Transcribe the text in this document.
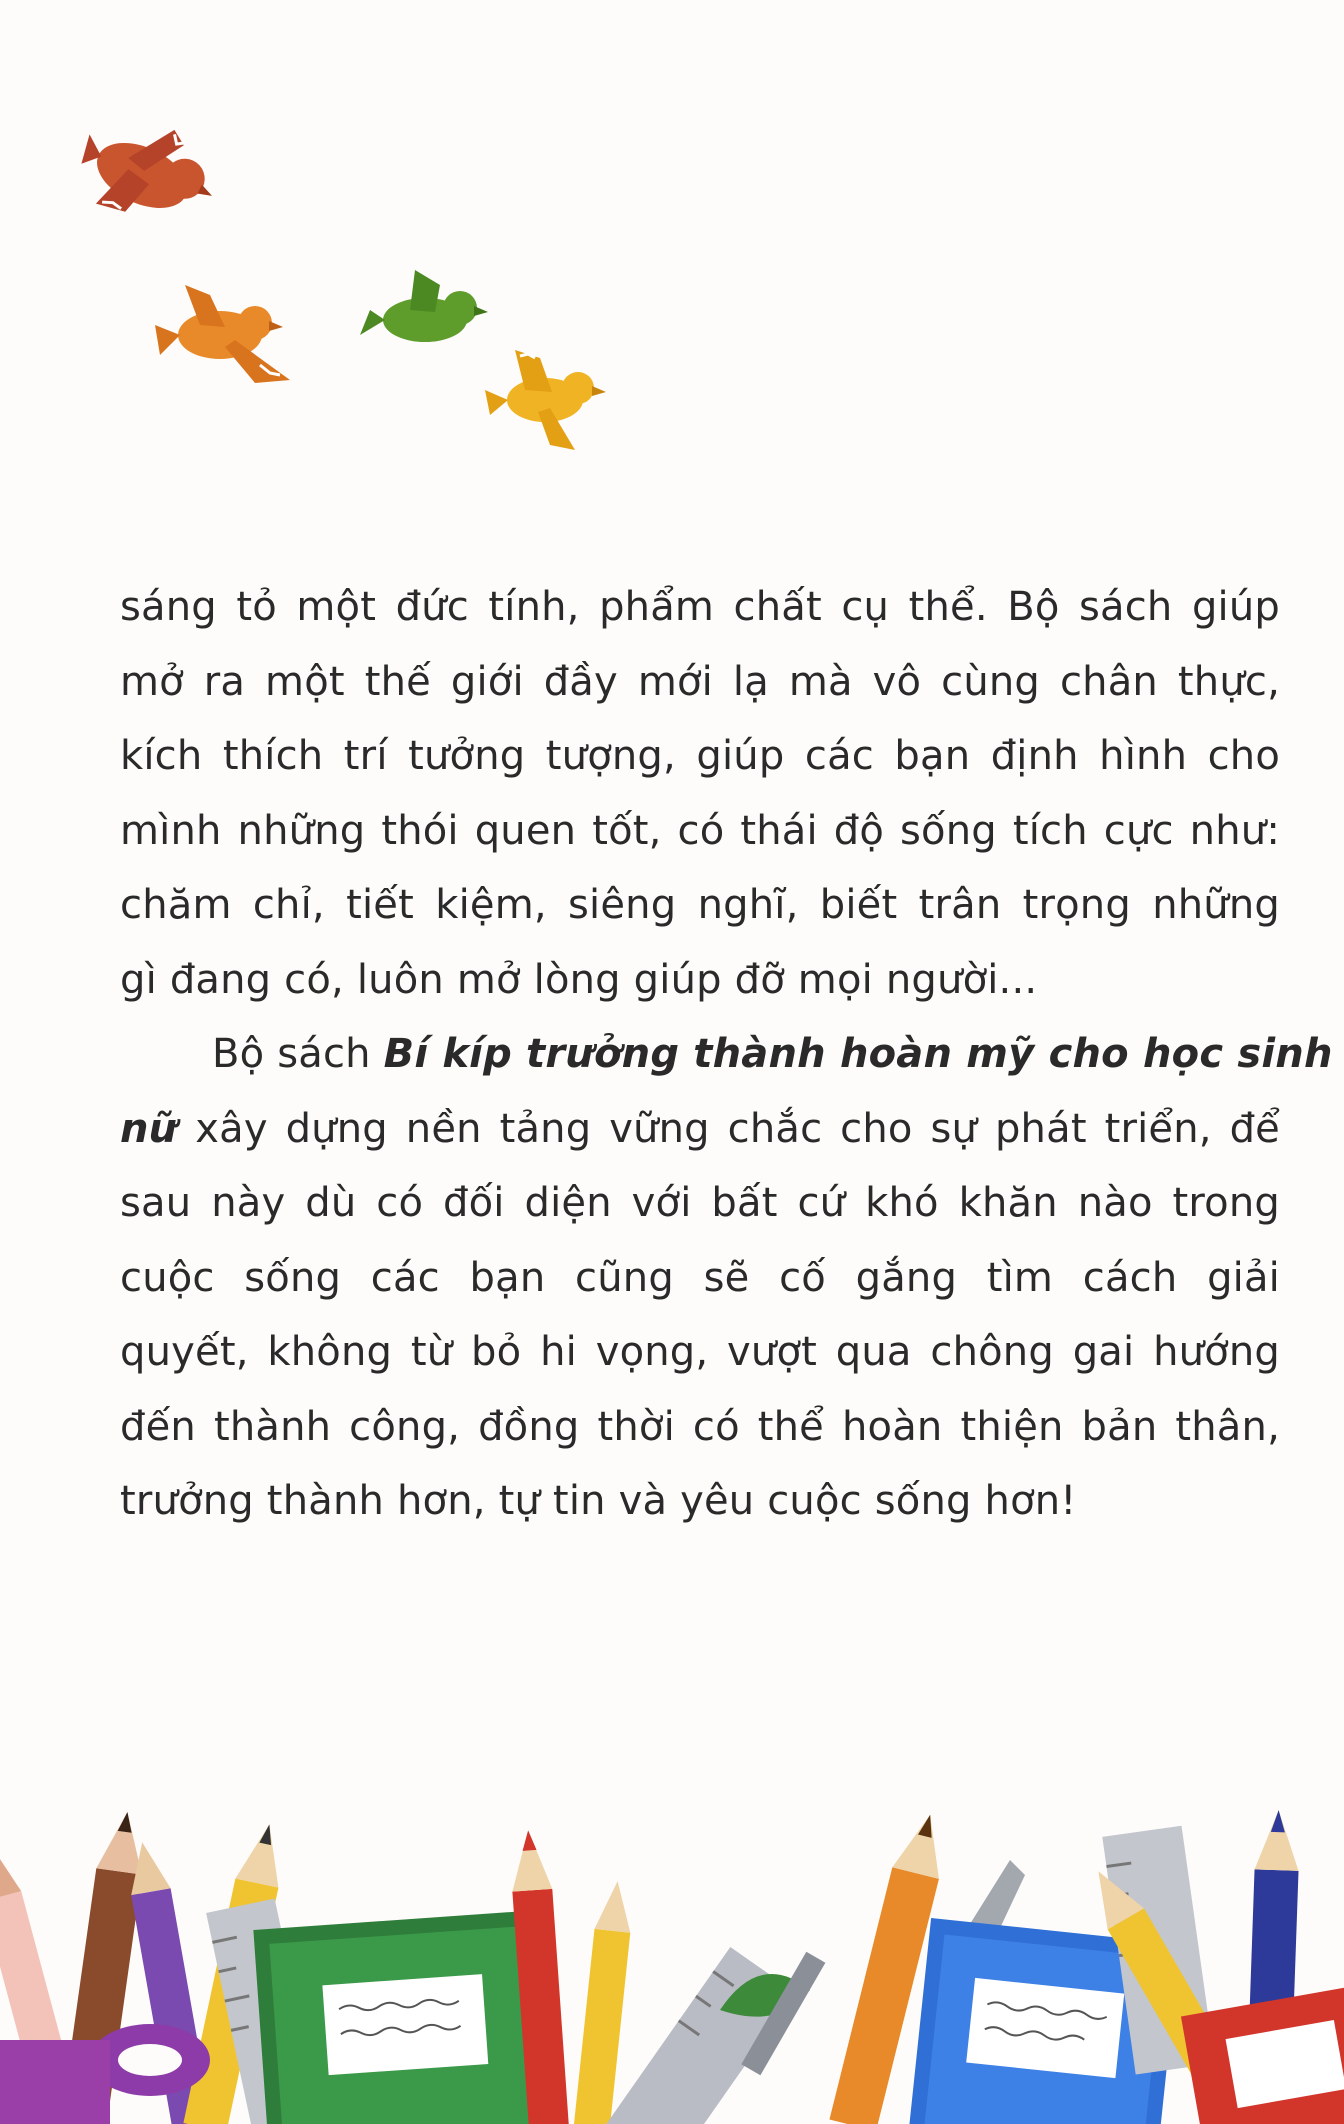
sáng tỏ một đức tính, phẩm chất cụ thể. Bộ sách giúp
mở ra một thế giới đầy mới lạ mà vô cùng chân thực,
kích thích trí tưởng tượng, giúp các bạn định hình cho
mình những thói quen tốt, có thái độ sống tích cực như:
chăm chỉ, tiết kiệm, siêng nghĩ, biết trân trọng những
gì đang có, luôn mở lòng giúp đỡ mọi người...
Bộ sách Bí kíp trưởng thành hoàn mỹ cho học sinh
nữ xây dựng nền tảng vững chắc cho sự phát triển, để
sau này dù có đối diện với bất cứ khó khăn nào trong
cuộc sống các bạn cũng sẽ cố gắng tìm cách giải
quyết, không từ bỏ hi vọng, vượt qua chông gai hướng
đến thành công, đồng thời có thể hoàn thiện bản thân,
trưởng thành hơn, tự tin và yêu cuộc sống hơn!
